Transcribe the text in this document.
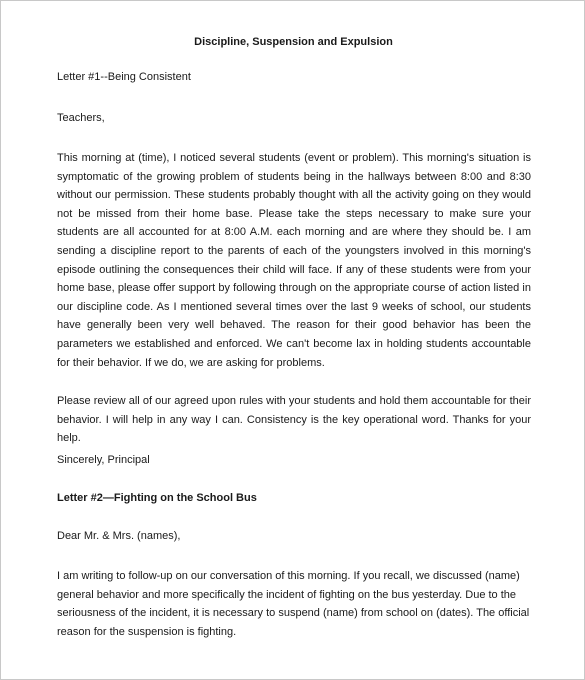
Discipline, Suspension and Expulsion

Letter #1--Being Consistent

Teachers,

This morning at (time), I noticed several students (event or problem). This morning's situation is symptomatic of the growing problem of students being in the hallways between 8:00 and 8:30 without our permission. These students probably thought with all the activity going on they would not be missed from their home base. Please take the steps necessary to make sure your students are all accounted for at 8:00 A.M. each morning and are where they should be. I am sending a discipline report to the parents of each of the youngsters involved in this morning's episode outlining the consequences their child will face. If any of these students were from your home base, please offer support by following through on the appropriate course of action listed in our discipline code. As I mentioned several times over the last 9 weeks of school, our students have generally been very well behaved. The reason for their good behavior has been the parameters we established and enforced. We can't become lax in holding students accountable for their behavior. If we do, we are asking for problems.

Please review all of our agreed upon rules with your students and hold them accountable for their behavior. I will help in any way I can. Consistency is the key operational word. Thanks for your help.

Sincerely, Principal

Letter #2—Fighting on the School Bus

Dear Mr. & Mrs. (names),

I am writing to follow-up on our conversation of this morning. If you recall, we discussed (name) general behavior and more specifically the incident of fighting on the bus yesterday. Due to the seriousness of the incident, it is necessary to suspend (name) from school on (dates). The official reason for the suspension is fighting.
